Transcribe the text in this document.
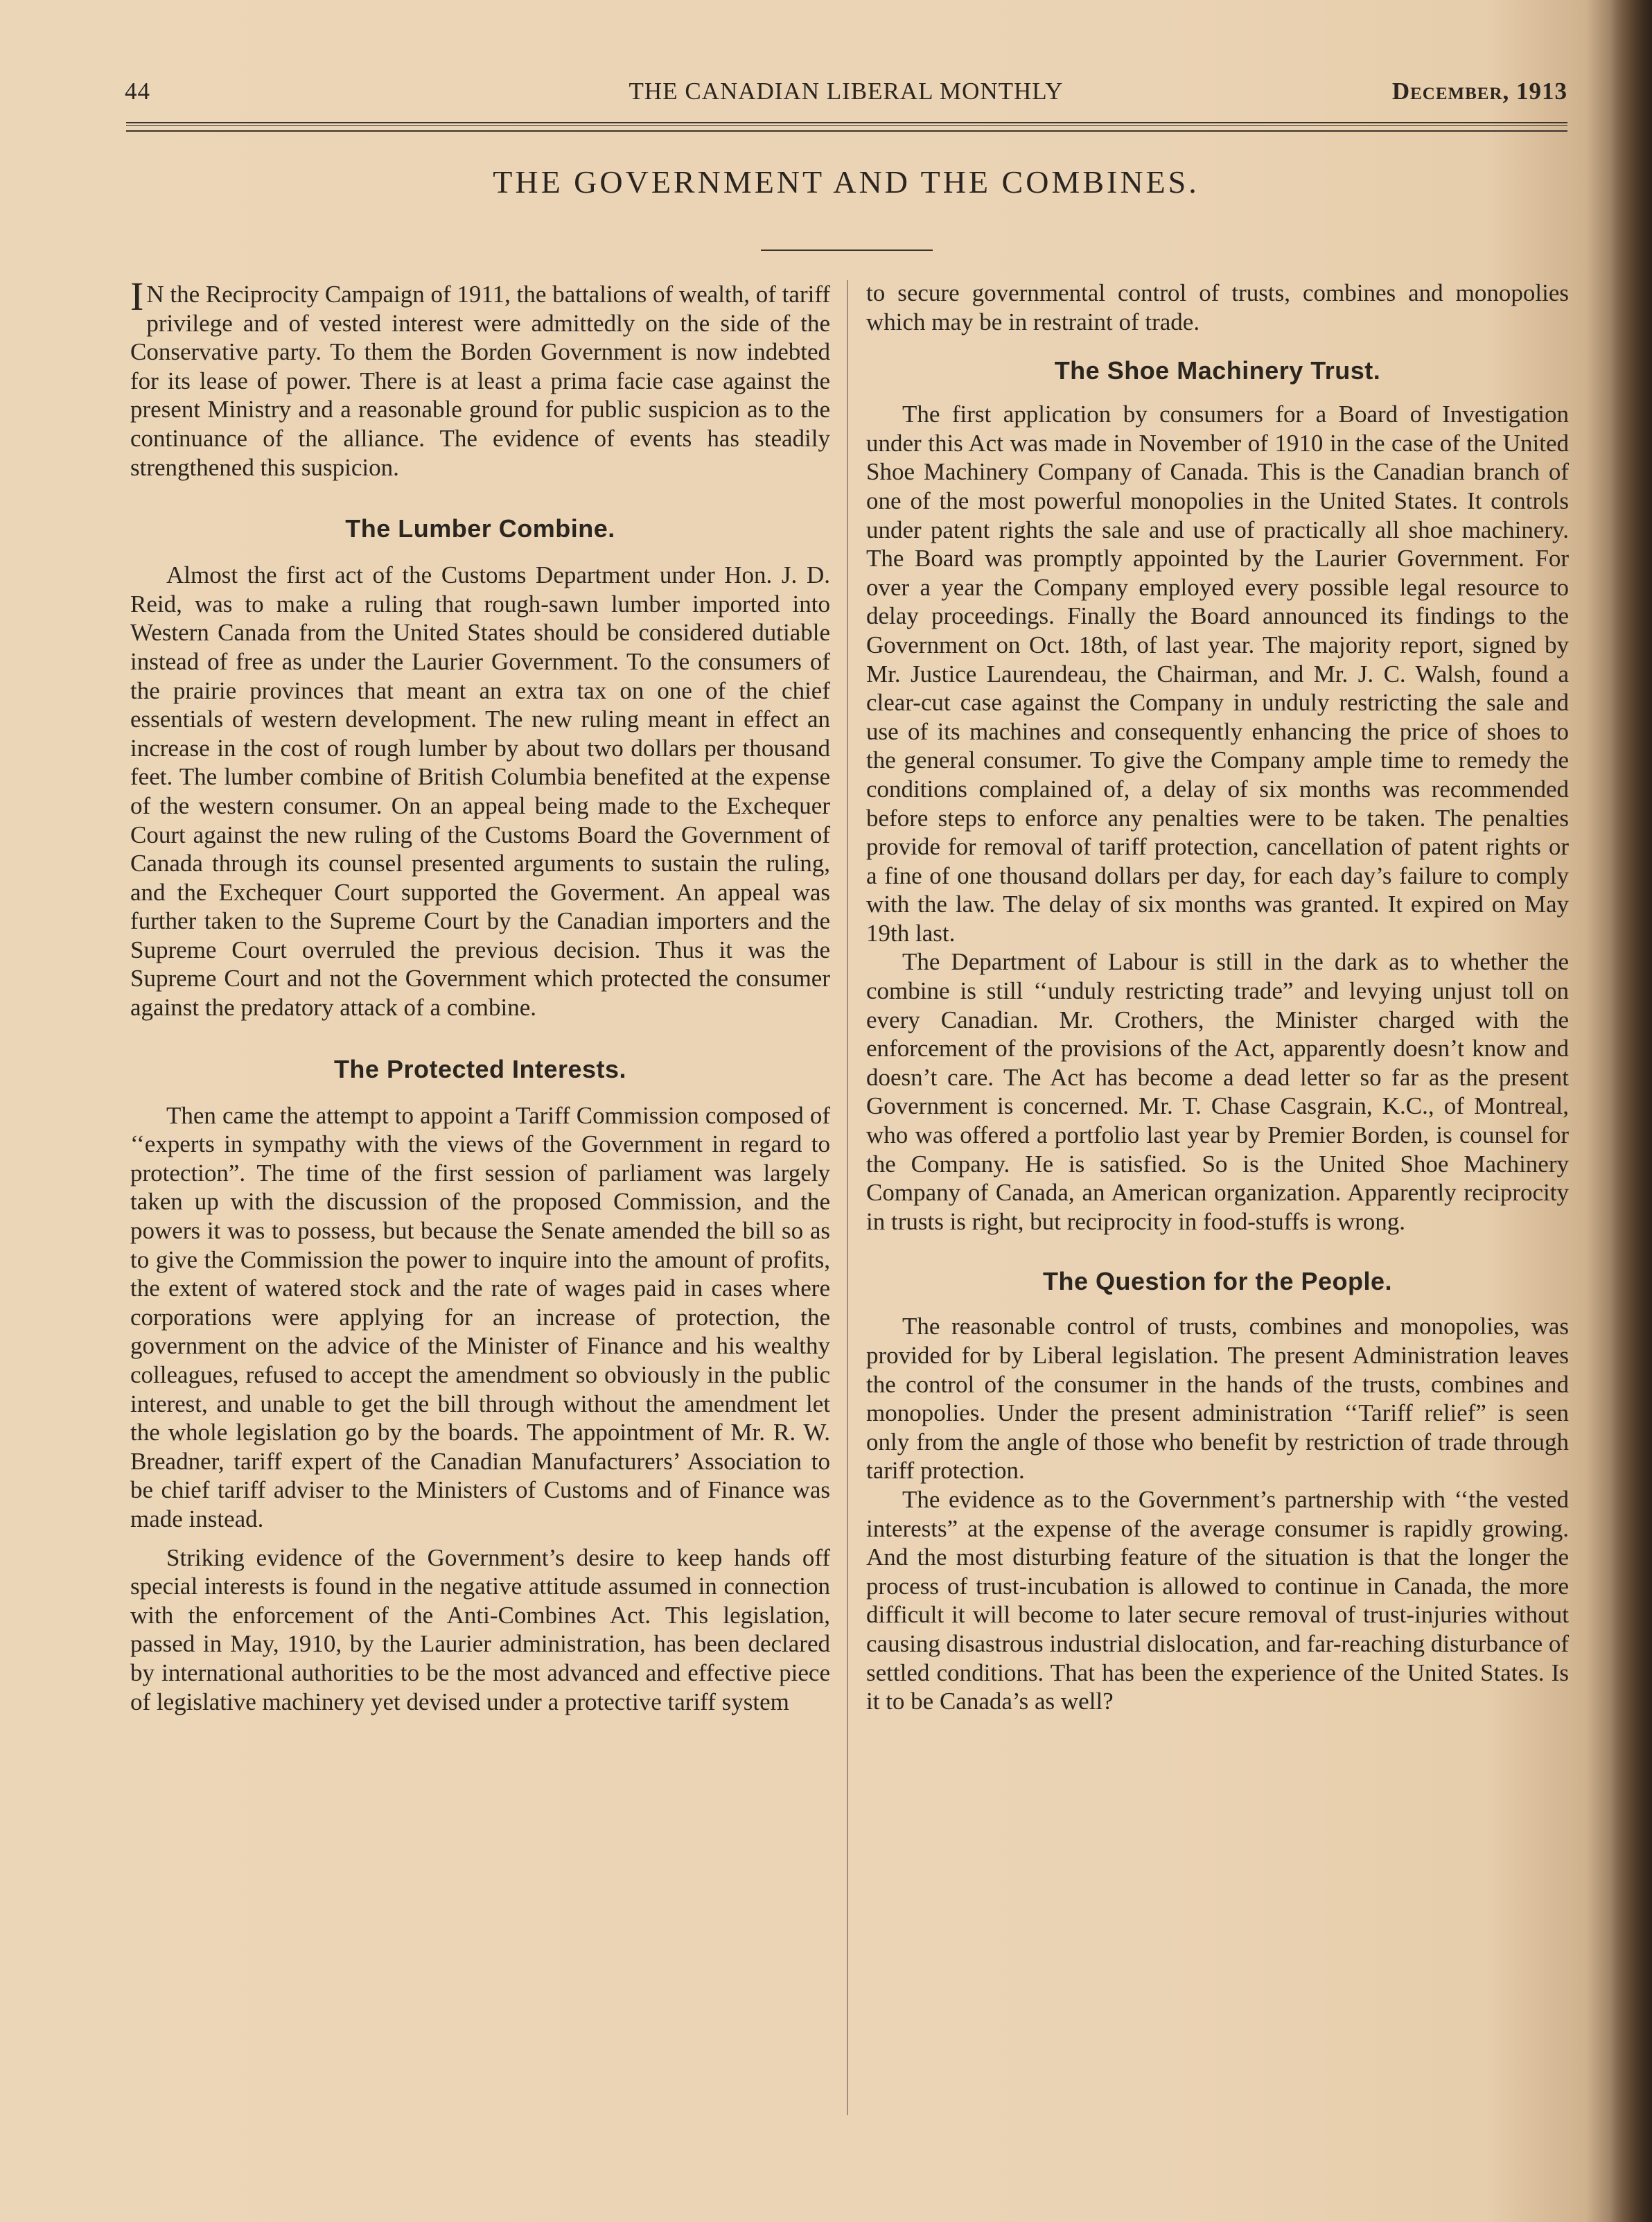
44	THE CANADIAN LIBERAL MONTHLY	December, 1913
THE GOVERNMENT AND THE COMBINES.

I N the Reciprocity Campaign of 1911, the battalions of wealth, of tariff privilege and of vested interest were admittedly on the side of the Conservative party. To them the Borden Government is now indebted for its lease of power. There is at least a prima facie case against the present Ministry and a reasonable ground for public suspicion as to the continuance of the alliance. The evidence of events has steadily strengthened this suspicion.

The Lumber Combine.

Almost the first act of the Customs Department under Hon. J. D. Reid, was to make a ruling that rough-sawn lumber imported into Western Canada from the United States should be considered dutiable instead of free as under the Laurier Government. To the consumers of the prairie provinces that meant an extra tax on one of the chief essentials of western development. The new ruling meant in effect an increase in the cost of rough lumber by about two dollars per thousand feet. The lumber combine of British Columbia benefited at the expense of the western consumer. On an appeal being made to the Exchequer Court against the new ruling of the Customs Board the Government of Canada through its counsel presented arguments to sustain the ruling, and the Exchequer Court supported the Goverment. An appeal was further taken to the Supreme Court by the Canadian importers and the Supreme Court overruled the previous decision. Thus it was the Supreme Court and not the Government which protected the consumer against the predatory attack of a combine.

The Protected Interests.

Then came the attempt to appoint a Tariff Commission composed of ‘‘experts in sympathy with the views of the Government in regard to protection”. The time of the first session of parliament was largely taken up with the discussion of the proposed Commission, and the powers it was to possess, but because the Senate amended the bill so as to give the Commission the power to inquire into the amount of profits, the extent of watered stock and the rate of wages paid in cases where corporations were applying for an increase of protection, the government on the advice of the Minister of Finance and his wealthy colleagues, refused to accept the amendment so obviously in the public interest, and unable to get the bill through without the amendment let the whole legislation go by the boards. The appointment of Mr. R. W. Breadner, tariff expert of the Canadian Manufacturers’ Association to be chief tariff adviser to the Ministers of Customs and of Finance was made instead.

Striking evidence of the Government’s desire to keep hands off special interests is found in the negative attitude assumed in connection with the enforcement of the Anti-Combines Act. This legislation, passed in May, 1910, by the Laurier administration, has been declared by international authorities to be the most advanced and effective piece of legislative machinery yet devised under a protective tariff system

to secure governmental control of trusts, combines and monopolies which may be in restraint of trade.

The Shoe Machinery Trust.

The first application by consumers for a Board of Investigation under this Act was made in November of 1910 in the case of the United Shoe Machinery Company of Canada. This is the Canadian branch of one of the most powerful monopolies in the United States. It controls under patent rights the sale and use of practically all shoe machinery. The Board was promptly appointed by the Laurier Government. For over a year the Company employed every possible legal resource to delay proceedings. Finally the Board announced its findings to the Government on Oct. 18th, of last year. The majority report, signed by Mr. Justice Laurendeau, the Chairman, and Mr. J. C. Walsh, found a clear-cut case against the Company in unduly restricting the sale and use of its machines and consequently enhancing the price of shoes to the general consumer. To give the Company ample time to remedy the conditions complained of, a delay of six months was recommended before steps to enforce any penalties were to be taken. The penalties provide for removal of tariff protection, cancellation of patent rights or a fine of one thousand dollars per day, for each day’s failure to comply with the law. The delay of six months was granted. It expired on May 19th last.

The Department of Labour is still in the dark as to whether the combine is still ‘‘unduly restricting trade” and levying unjust toll on every Canadian. Mr. Crothers, the Minister charged with the enforcement of the provisions of the Act, apparently doesn’t know and doesn’t care. The Act has become a dead letter so far as the present Government is concerned. Mr. T. Chase Casgrain, K.C., of Montreal, who was offered a portfolio last year by Premier Borden, is counsel for the Company. He is satisfied. So is the United Shoe Machinery Company of Canada, an American organization. Apparently reciprocity in trusts is right, but reciprocity in food-stuffs is wrong.

The Question for the People.

The reasonable control of trusts, combines and monopolies, was provided for by Liberal legislation. The present Administration leaves the control of the consumer in the hands of the trusts, combines and monopolies. Under the present administration ‘‘Tariff relief” is seen only from the angle of those who benefit by restriction of trade through tariff protection.

The evidence as to the Government’s partnership with ‘‘the vested interests” at the expense of the average consumer is rapidly growing. And the most disturbing feature of the situation is that the longer the process of trust-incubation is allowed to continue in Canada, the more difficult it will become to later secure removal of trust-injuries without causing disastrous industrial dislocation, and far-reaching disturbance of settled conditions. That has been the experience of the United States. Is it to be Canada’s as well?
